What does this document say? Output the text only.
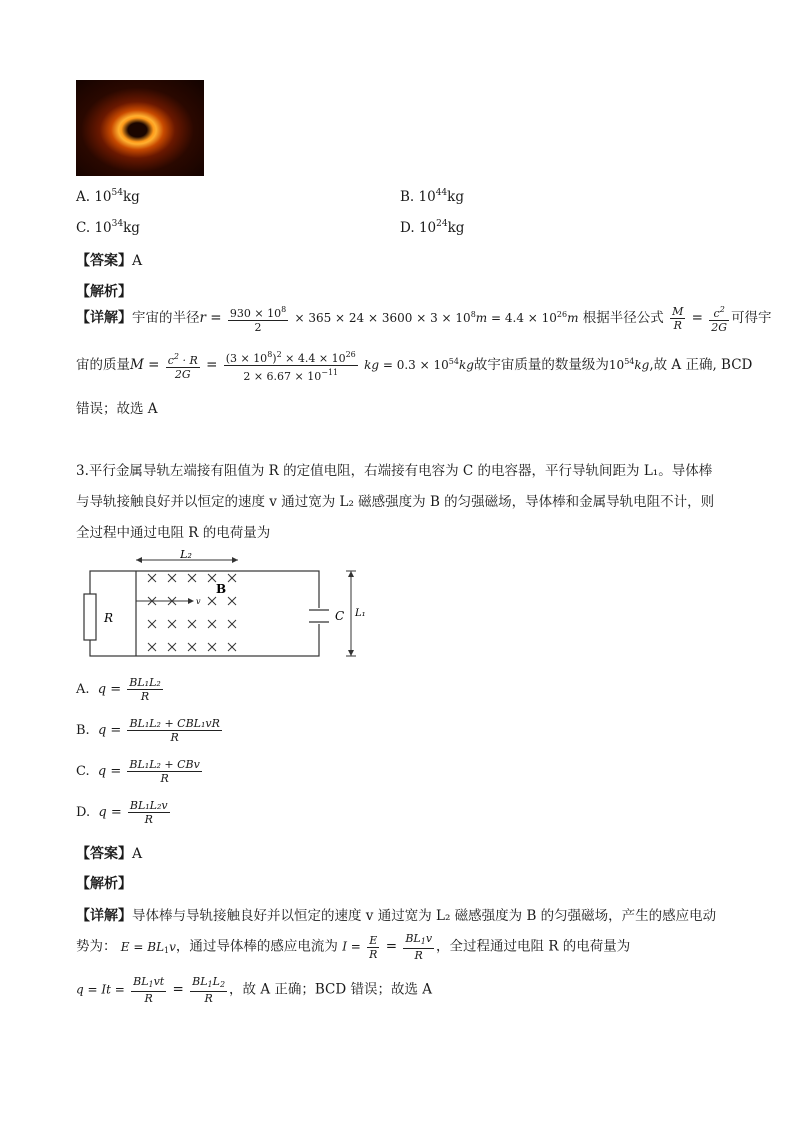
A. $10^{54}kg$	B. $10^{44}kg$
C. $10^{34}kg$	D. $10^{24}kg$
【答案】A
【解析】
【详解】宇宙的半径$r = \frac{930 \times 10^8}{2} \times 365 \times 24 \times 3600 \times 3 \times 10^8m = 4.4 \times 10^{26}m$ 根据半径公式 $\frac{M}{R} = \frac{c^2}{2G}$ 可得宇
宙的质量$M = \frac{c^2 \cdot R}{2G} = \frac{(3 \times 10^8)^2 \times 4.4 \times 10^{26}}{2 \times 6.67 \times 10^{-11}}$ kg = $0.3 \times 10^{54}kg$故宇宙质量的数量级为$10^{54}kg$,故 A 正确, BCD
错误；故选 A
3.平行金属导轨左端接有阻值为 R 的定值电阻，右端接有电容为 C 的电容器，平行导轨间距为 L₁。导体棒
与导轨接触良好并以恒定的速度 v 通过宽为 L₂ 磁感强度为 B 的匀强磁场，导体棒和金属导轨电阻不计，则
全过程中通过电阻 R 的电荷量为
L₂
R
B
v
C L₁
A. $q = \frac{\text{BL₁L₂}}{R}$
B. $q = \frac{\text{BL₁L₂ + CBL₁vR}}{R}$
C. $q = \frac{\text{BL₁L₂ + CBv}}{R}$
D. $q = \frac{\text{BL₁L₂v}}{R}$
【答案】A
【解析】
【详解】导体棒与导轨接触良好并以恒定的速度 v 通过宽为 L₂ 磁感强度为 B 的匀强磁场，产生的感应电动
势为： $E = BL_1v$，通过导体棒的感应电流为 $I = \frac{E}{R} = \frac{BL_1v}{R}$ ，全过程通过电阻 R 的电荷量为
$q = It = \frac{BL_1vt}{R} = \frac{BL_1L_2}{R}$ ，故 A 正确；BCD 错误；故选 A
